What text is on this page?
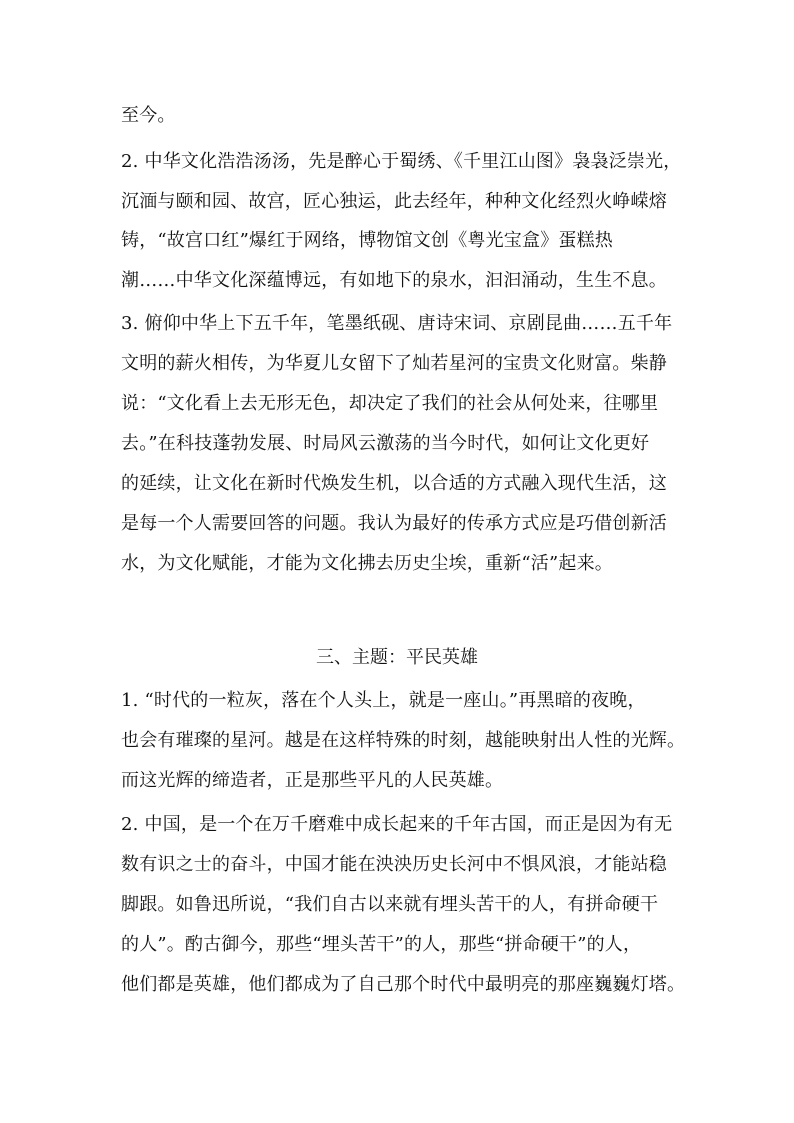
至今。
2. 中华文化浩浩汤汤，先是醉心于蜀绣、《千里江山图》袅袅泛崇光，
沉湎与颐和园、故宫，匠心独运，此去经年，种种文化经烈火峥嵘熔
铸，“故宫口红”爆红于网络，博物馆文创《粤光宝盒》蛋糕热
潮……中华文化深蕴博远，有如地下的泉水，汩汩涌动，生生不息。
3. 俯仰中华上下五千年，笔墨纸砚、唐诗宋词、京剧昆曲……五千年
文明的薪火相传，为华夏儿女留下了灿若星河的宝贵文化财富。柴静
说：“文化看上去无形无色，却决定了我们的社会从何处来，往哪里
去。”在科技蓬勃发展、时局风云激荡的当今时代，如何让文化更好
的延续，让文化在新时代焕发生机，以合适的方式融入现代生活，这
是每一个人需要回答的问题。我认为最好的传承方式应是巧借创新活
水，为文化赋能，才能为文化拂去历史尘埃，重新“活”起来。
三、主题：平民英雄
1. “时代的一粒灰，落在个人头上，就是一座山。”再黑暗的夜晚，
也会有璀璨的星河。越是在这样特殊的时刻，越能映射出人性的光辉。
而这光辉的缔造者，正是那些平凡的人民英雄。
2. 中国，是一个在万千磨难中成长起来的千年古国，而正是因为有无
数有识之士的奋斗，中国才能在泱泱历史长河中不惧风浪，才能站稳
脚跟。如鲁迅所说，“我们自古以来就有埋头苦干的人，有拼命硬干
的人”。酌古御今，那些“埋头苦干”的人，那些“拼命硬干”的人，
他们都是英雄，他们都成为了自己那个时代中最明亮的那座巍巍灯塔。
